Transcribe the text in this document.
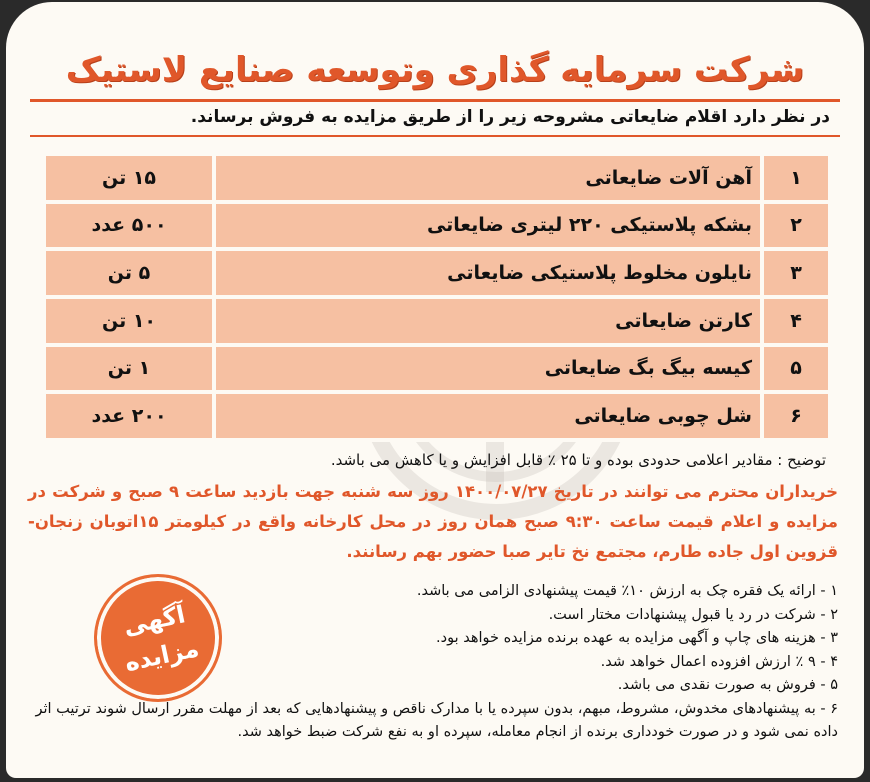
شرکت سرمایه گذاری وتوسعه صنایع لاستیک
در نظر دارد اقلام ضایعاتی مشروحه زیر را از طریق مزایده به فروش برساند.
۱	آهن آلات ضایعاتی	۱۵ تن
۲	بشکه پلاستیکی ۲۲۰ لیتری ضایعاتی	۵۰۰ عدد
۳	نایلون مخلوط پلاستیکی ضایعاتی	۵ تن
۴	کارتن ضایعاتی	۱۰ تن
۵	کیسه بیگ بگ ضایعاتی	۱ تن
۶	شل چوبی ضایعاتی	۲۰۰ عدد
توضیح : مقادیر اعلامی حدودی بوده و تا ۲۵ ٪ قابل افزایش و یا کاهش می باشد.
خریداران محترم می توانند در تاریخ ۱۴۰۰/۰۷/۲۷ روز سه شنبه جهت بازدید ساعت ۹ صبح و شرکت در مزایده و اعلام قیمت ساعت ۹:۳۰ صبح همان روز در محل کارخانه واقع در کیلومتر ۱۵اتوبان زنجان-قزوین اول جاده طارم، مجتمع نخ تایر صبا حضور بهم رسانند.
۱ - ارائه یک فقره چک به ارزش ۱۰٪ قیمت پیشنهادی الزامی می باشد.
۲ - شرکت در رد یا قبول پیشنهادات مختار است.
۳ - هزینه های چاپ و آگهی مزایده به عهده برنده مزایده خواهد بود.
۴ - ۹ ٪ ارزش افزوده اعمال خواهد شد.
۵ - فروش به صورت نقدی می باشد.
۶ - به پیشنهادهای مخدوش، مشروط، مبهم، بدون سپرده یا با مدارک ناقص و پیشنهادهایی که بعد از مهلت مقرر ارسال شوند ترتیب اثر داده نمی شود و در صورت خودداری برنده از انجام معامله، سپرده او به نفع شرکت ضبط خواهد شد.
آگهی
مزایده
